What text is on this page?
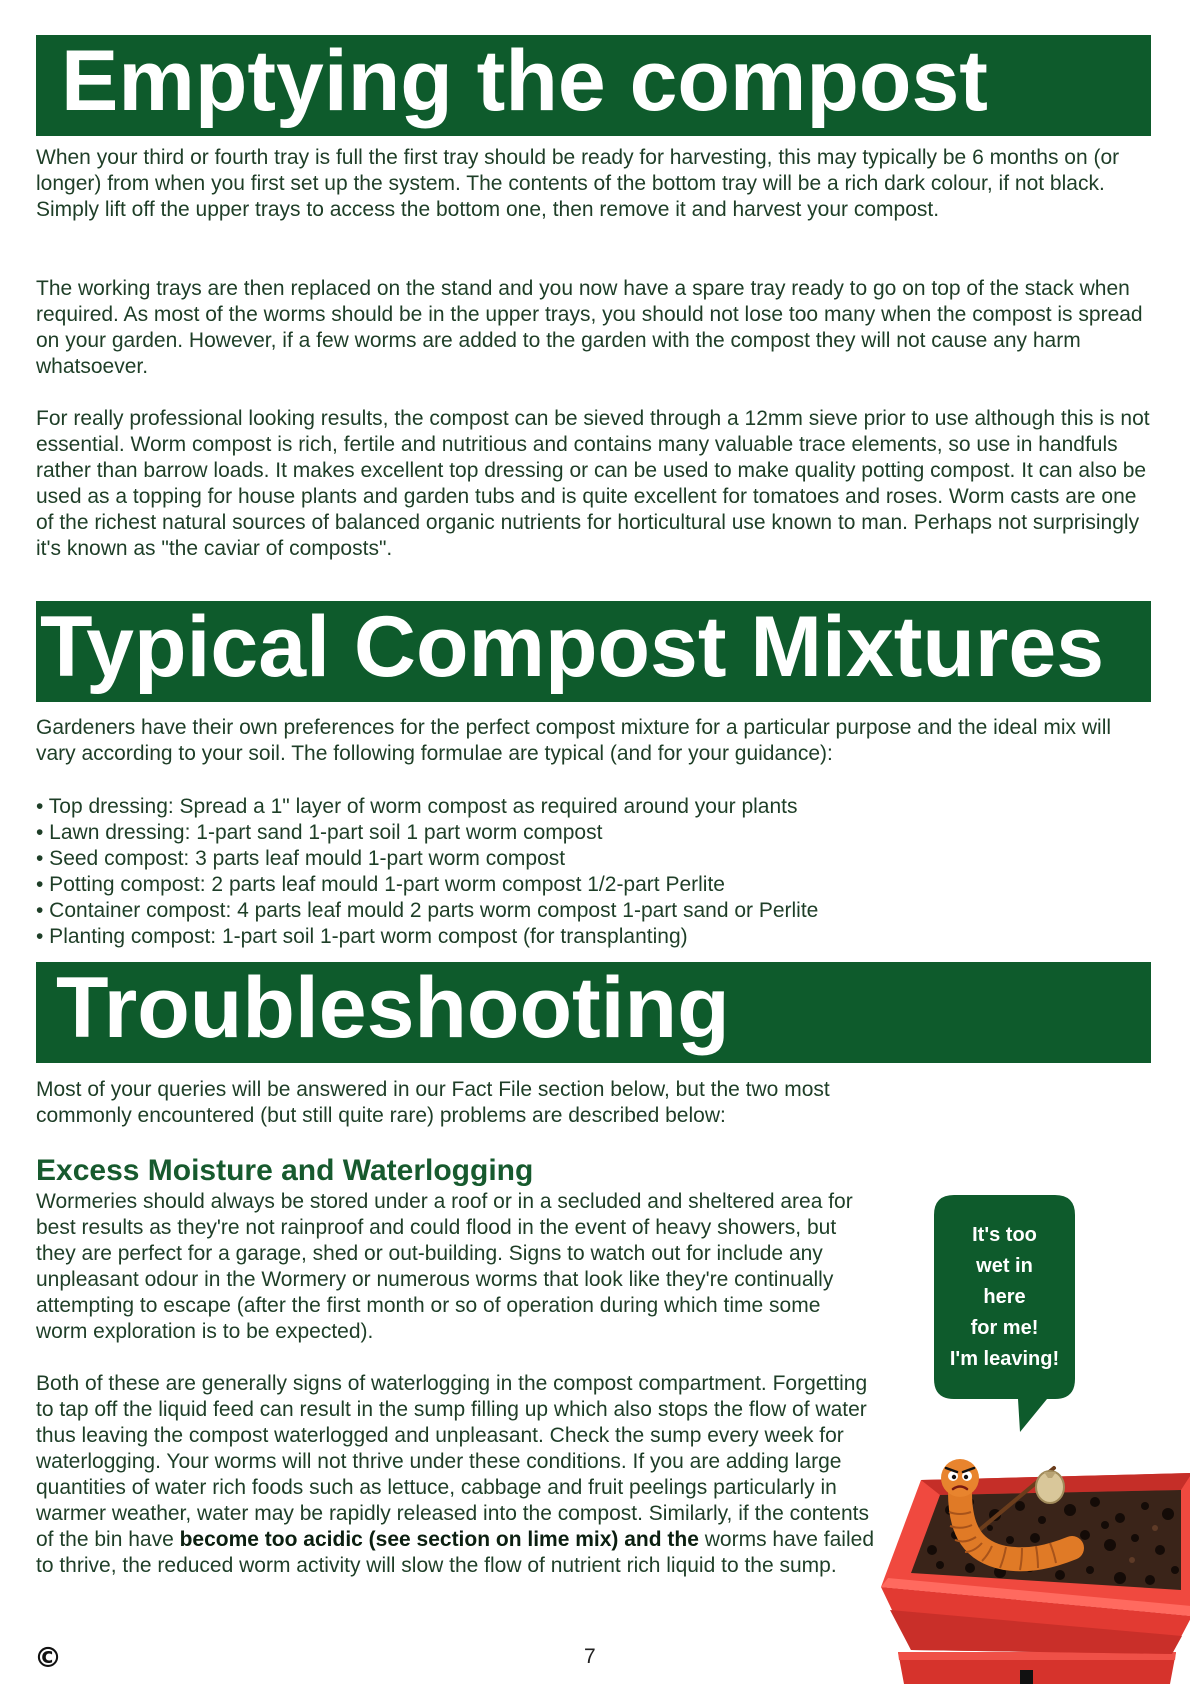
Emptying the compost

When your third or fourth tray is full the first tray should be ready for harvesting, this may typically be 6 months on (or longer) from when you first set up the system. The contents of the bottom tray will be a rich dark colour, if not black. Simply lift off the upper trays to access the bottom one, then remove it and harvest your compost.

The working trays are then replaced on the stand and you now have a spare tray ready to go on top of the stack when required. As most of the worms should be in the upper trays, you should not lose too many when the compost is spread on your garden. However, if a few worms are added to the garden with the compost they will not cause any harm whatsoever.

For really professional looking results, the compost can be sieved through a 12mm sieve prior to use although this is not essential. Worm compost is rich, fertile and nutritious and contains many valuable trace elements, so use in handfuls rather than barrow loads. It makes excellent top dressing or can be used to make quality potting compost. It can also be used as a topping for house plants and garden tubs and is quite excellent for tomatoes and roses. Worm casts are one of the richest natural sources of balanced organic nutrients for horticultural use known to man. Perhaps not surprisingly it's known as "the caviar of composts".

Typical Compost Mixtures

Gardeners have their own preferences for the perfect compost mixture for a particular purpose and the ideal mix will vary according to your soil. The following formulae are typical (and for your guidance):

• Top dressing: Spread a 1" layer of worm compost as required around your plants
• Lawn dressing: 1-part sand 1-part soil 1 part worm compost
• Seed compost: 3 parts leaf mould 1-part worm compost
• Potting compost: 2 parts leaf mould 1-part worm compost 1/2-part Perlite
• Container compost: 4 parts leaf mould 2 parts worm compost 1-part sand or Perlite
• Planting compost: 1-part soil 1-part worm compost (for transplanting)
Troubleshooting

Most of your queries will be answered in our Fact File section below, but the two most commonly encountered (but still quite rare) problems are described below:

Excess Moisture and Waterlogging

Wormeries should always be stored under a roof or in a secluded and sheltered area for best results as they're not rainproof and could flood in the event of heavy showers, but they are perfect for a garage, shed or out-building. Signs to watch out for include any unpleasant odour in the Wormery or numerous worms that look like they're continually attempting to escape (after the first month or so of operation during which time some worm exploration is to be expected).

Both of these are generally signs of waterlogging in the compost compartment. Forgetting to tap off the liquid feed can result in the sump filling up which also stops the flow of water thus leaving the compost waterlogged and unpleasant. Check the sump every week for waterlogging. Your worms will not thrive under these conditions. If you are adding large quantities of water rich foods such as lettuce, cabbage and fruit peelings particularly in warmer weather, water may be rapidly released into the compost. Similarly, if the contents of the bin have become too acidic (see section on lime mix) and the worms have failed to thrive, the reduced worm activity will slow the flow of nutrient rich liquid to the sump.

It's too
wet in
here
for me!
I'm leaving!
©	7
